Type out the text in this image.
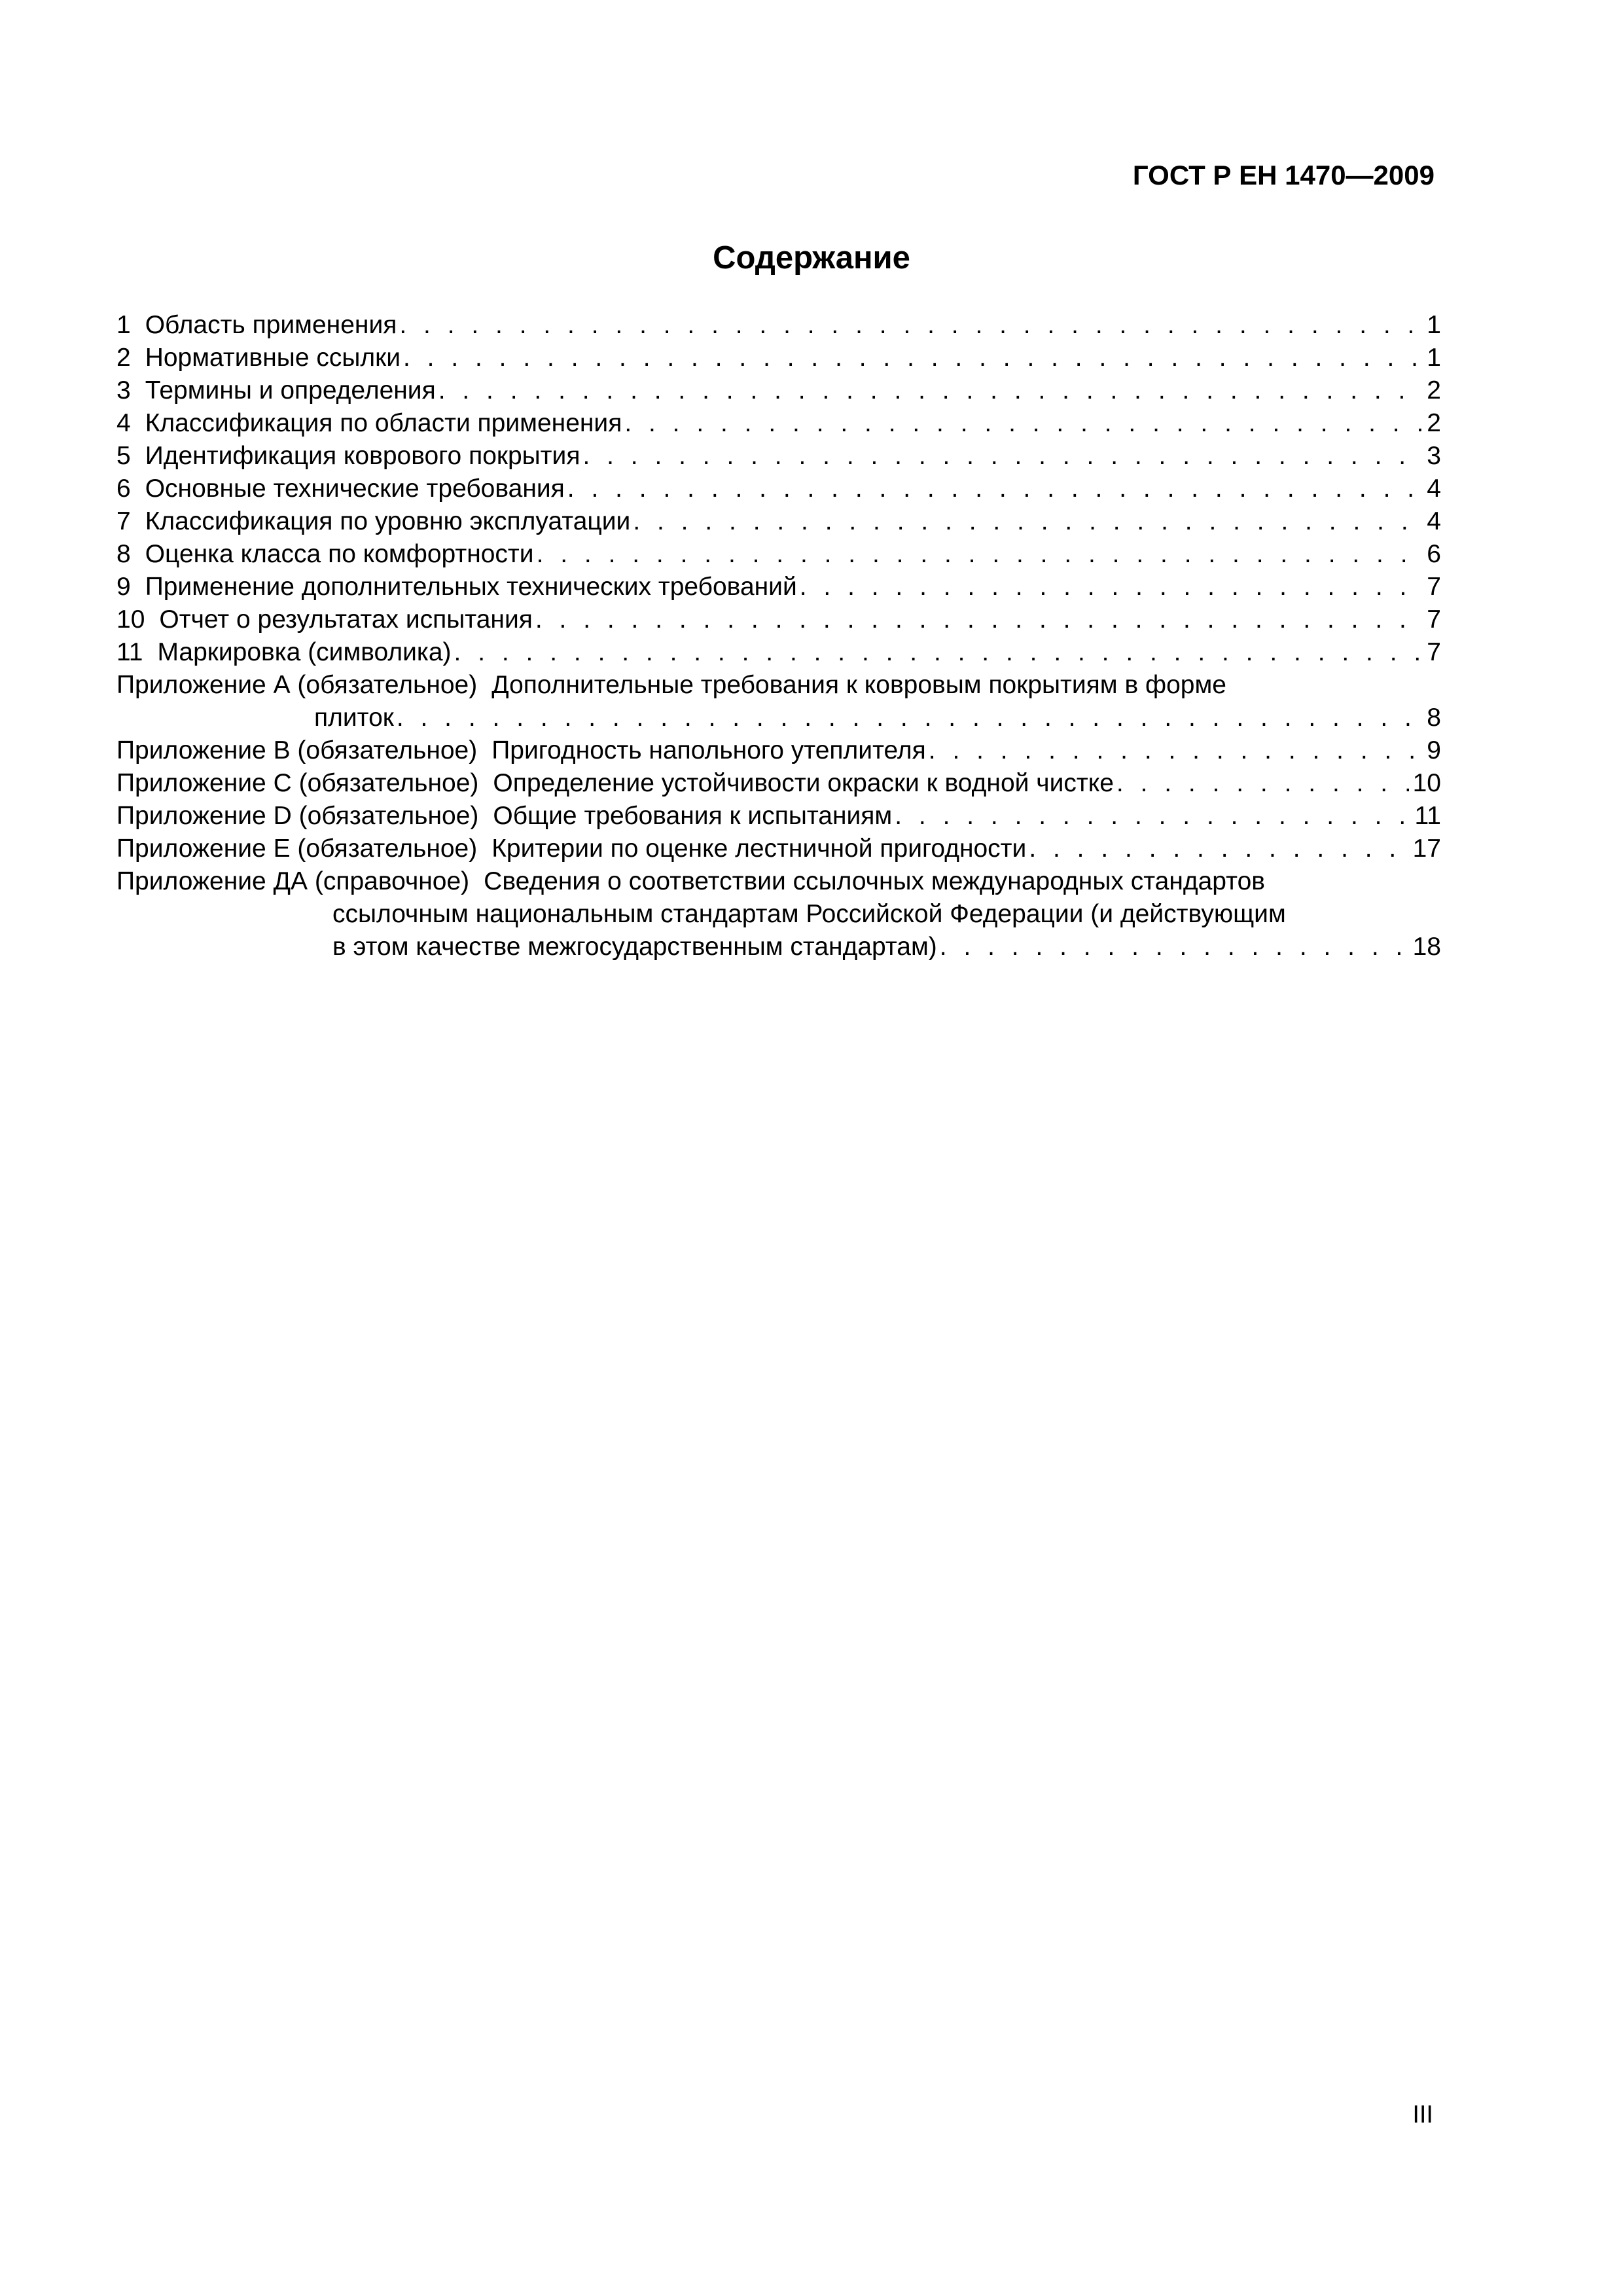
ГОСТ Р ЕН 1470—2009
Содержание
1 Область применения . . .	1
2 Нормативные ссылки . . .	1
3 Термины и определения . . .	2
4 Классификация по области применения . . .	2
5 Идентификация коврового покрытия . . .	3
6 Основные технические требования . . .	4
7 Классификация по уровню эксплуатации . . .	4
8 Оценка класса по комфортности . . .	6
9 Применение дополнительных технических требований . . .	7
10 Отчет о результатах испытания . . .	7
11 Маркировка (символика) . . .	7
Приложение А (обязательное) Дополнительные требования к ковровым покрытиям в форме
плиток . . .	8
Приложение В (обязательное) Пригодность напольного утеплителя . . .	9
Приложение С (обязательное) Определение устойчивости окраски к водной чистке . . .	10
Приложение D (обязательное) Общие требования к испытаниям . . .	11
Приложение Е (обязательное) Критерии по оценке лестничной пригодности . . .	17
Приложение ДА (справочное) Сведения о соответствии ссылочных международных стандартов
ссылочным национальным стандартам Российской Федерации (и действующим
в этом качестве межгосударственным стандартам) . . .	18
III
